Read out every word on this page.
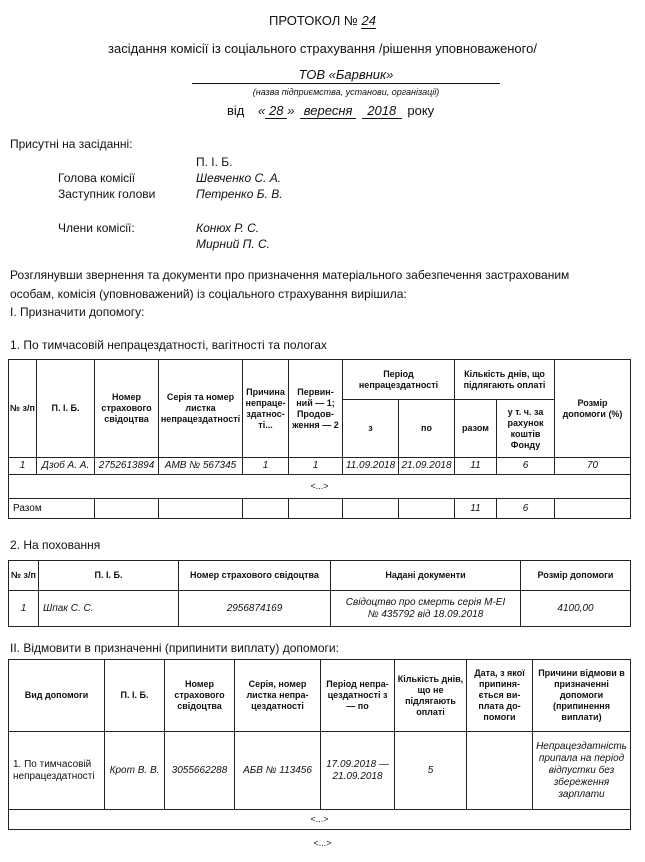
ПРОТОКОЛ № 24
засідання комісії із соціального страхування /рішення уповноваженого/
ТОВ «Барвник»
(назва підприємства, установи, організації)
від « 28 » вересня 2018 року
Присутні на засіданні:
П. І. Б.
Голова комісії	Шевченко С. А.
Заступник голови	Петренко Б. В.
Члени комісії:	Конюх Р. С.
Мирний П. С.
Розглянувши звернення та документи про призначення матеріального забезпечення застрахованим
особам, комісія (уповноважений) із соціального страхування вирішила:
І. Призначити допомогу:
1. По тимчасовій непрацездатності, вагітності та пологах
№ з/п	П. І. Б.	Номер страхового свідоцтва	Серія та номер листка непрацездатності	Причина непраце-здатнос-ті...	Первин-ний — 1; Продов-ження — 2	Період непрацездатності		Кількість днів, що підлягають оплаті		Розмір допомоги (%)
						з	по	разом	у т. ч. за рахунок коштів Фонду	
1	Дзоб А. А.	2752613894	АМВ № 567345	1	1	11.09.2018	21.09.2018	11	6	70
<...>										
Разом								11	6	
2. На поховання
№ з/п	П. І. Б.	Номер страхового свідоцтва	Надані документи	Розмір допомоги
1	Шпак С. С.	2956874169	Свідоцтво про смерть серія М-ЕІ
№ 435792 від 18.09.2018	4100,00
ІІ. Відмовити в призначенні (припинити виплату) допомоги:
Вид допомоги	П. І. Б.	Номер страхового свідоцтва	Серія, номер листка непра-цездатності	Період непра-цездатності з — по	Кількість днів, що не підлягають оплаті	Дата, з якої припиня-ється ви-плата до-помоги	Причини відмови в призначенні допомоги (припинення виплати)
1. По тимчасовій непрацездатності	Крот В. В.	3055662288	АБВ № 113456	17.09.2018 — 21.09.2018	5		Непрацездатність припала на період відпустки без збереження зарплати
<...>							
<...>
